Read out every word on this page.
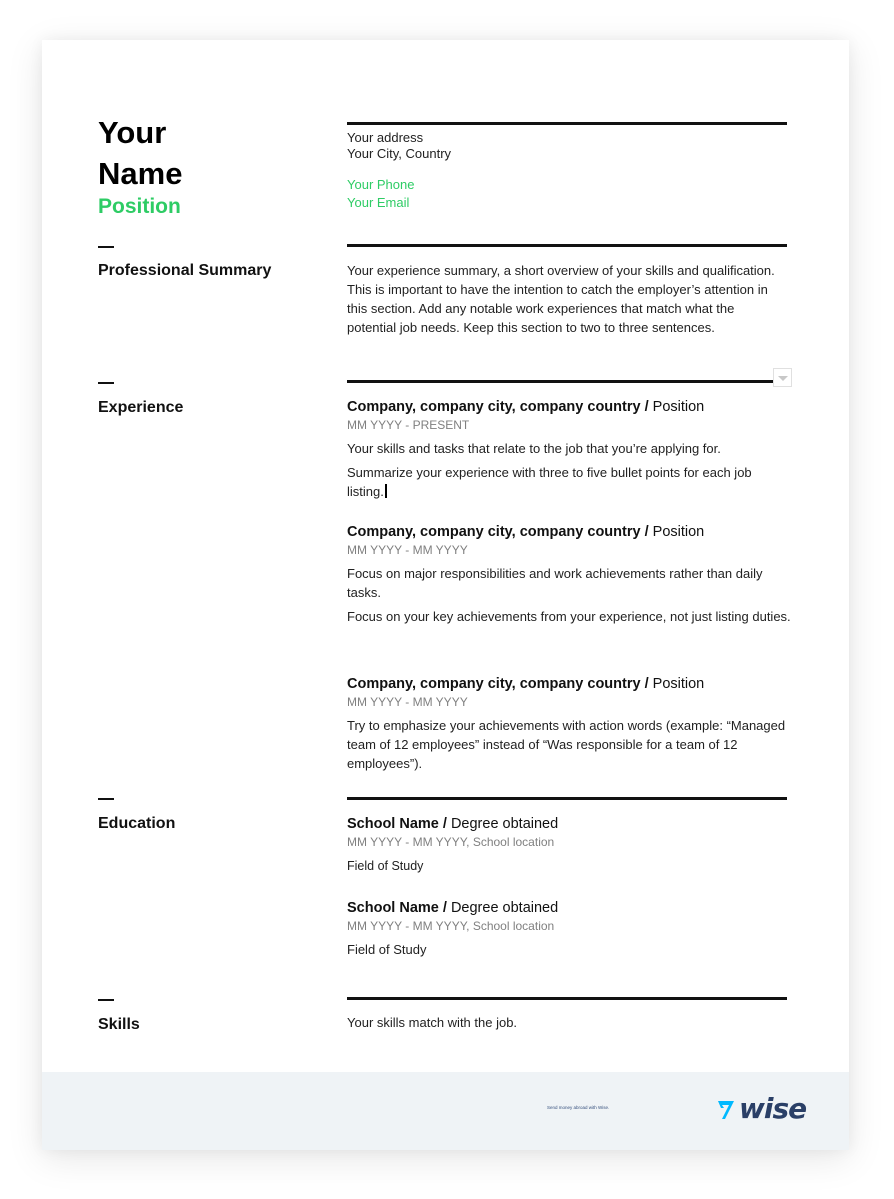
Your
Name
Position
Your address
Your City, Country
Your Phone
Your Email
Professional Summary	Your experience summary, a short overview of your skills and qualification. This is important to have the intention to catch the employer’s attention in this section. Add any notable work experiences that match what the potential job needs. Keep this section to two to three sentences.
Experience	Company, company city, company country / Position
MM YYYY - PRESENT
Your skills and tasks that relate to the job that you’re applying for.
Summarize your experience with three to five bullet points for each job listing.
Company, company city, company country / Position
MM YYYY - MM YYYY
Focus on major responsibilities and work achievements rather than daily tasks.
Focus on your key achievements from your experience, not just listing duties.
Company, company city, company country / Position
MM YYYY - MM YYYY
Try to emphasize your achievements with action words (example: “Managed team of 12 employees” instead of “Was responsible for a team of 12 employees”).
Education	School Name / Degree obtained
MM YYYY - MM YYYY, School location
Field of Study
School Name / Degree obtained
MM YYYY - MM YYYY, School location
Field of Study
Skills	Your skills match with the job.
Send money abroad with Wise.	wise
